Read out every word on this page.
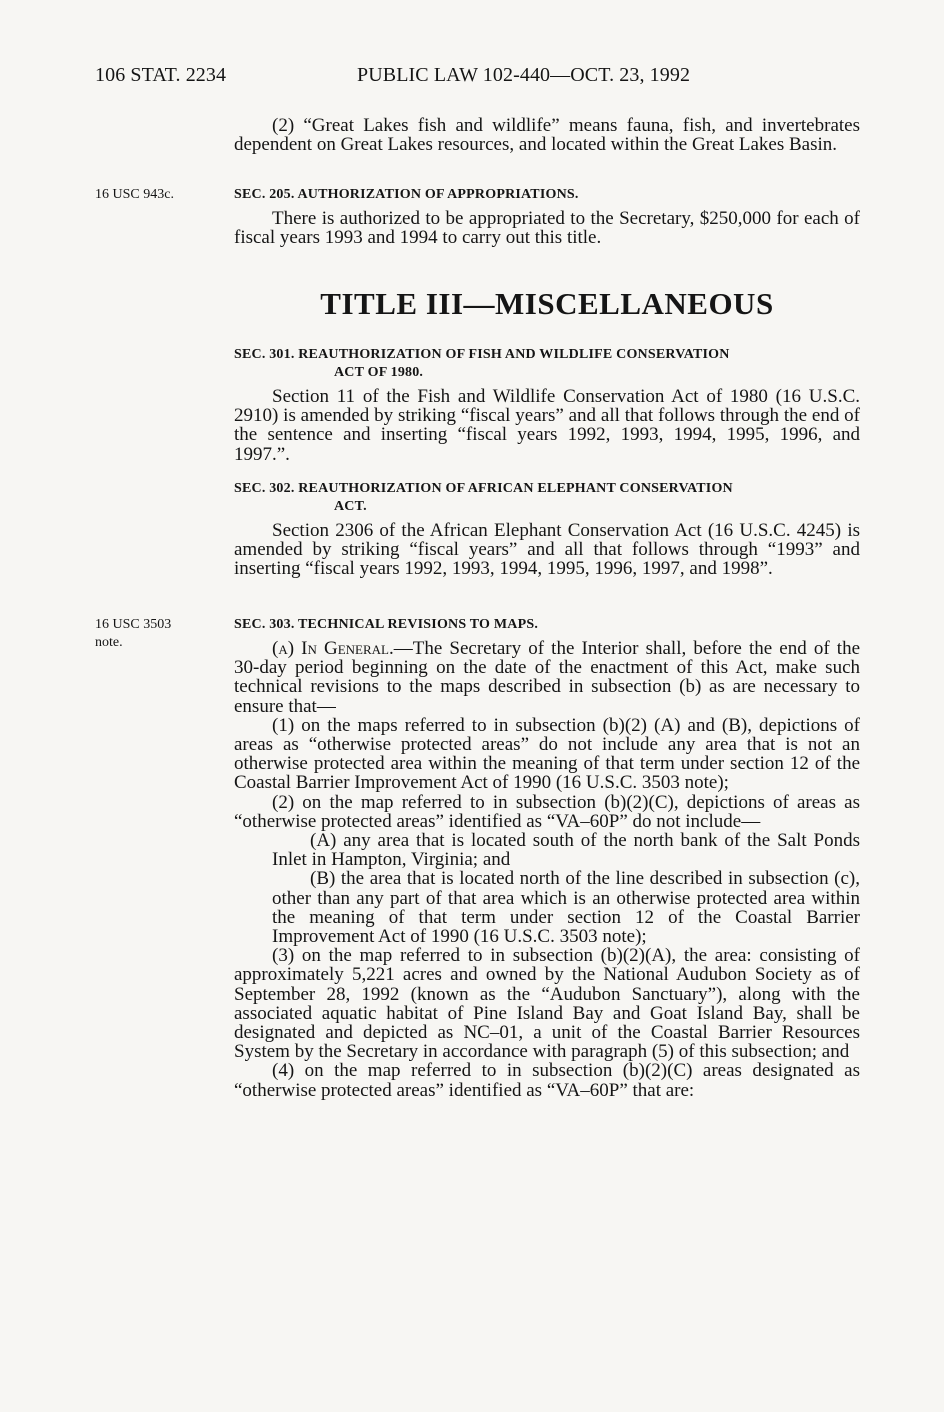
106 STAT. 2234	PUBLIC LAW 102-440—OCT. 23, 1992

(2) “Great Lakes fish and wildlife” means fauna, fish, and invertebrates dependent on Great Lakes resources, and located within the Great Lakes Basin.

16 USC 943c.	SEC. 205. AUTHORIZATION OF APPROPRIATIONS.

There is authorized to be appropriated to the Secretary, $250,000 for each of fiscal years 1993 and 1994 to carry out this title.

TITLE III—MISCELLANEOUS

SEC. 301. REAUTHORIZATION OF FISH AND WILDLIFE CONSERVATION
ACT OF 1980.

Section 11 of the Fish and Wildlife Conservation Act of 1980 (16 U.S.C. 2910) is amended by striking “fiscal years” and all that follows through the end of the sentence and inserting “fiscal years 1992, 1993, 1994, 1995, 1996, and 1997.”.

SEC. 302. REAUTHORIZATION OF AFRICAN ELEPHANT CONSERVATION
ACT.

Section 2306 of the African Elephant Conservation Act (16 U.S.C. 4245) is amended by striking “fiscal years” and all that follows through “1993” and inserting “fiscal years 1992, 1993, 1994, 1995, 1996, 1997, and 1998”.

16 USC 3503
note.

SEC. 303. TECHNICAL REVISIONS TO MAPS.

(a) In General.—The Secretary of the Interior shall, before the end of the 30-day period beginning on the date of the enactment of this Act, make such technical revisions to the maps described in subsection (b) as are necessary to ensure that—

(1) on the maps referred to in subsection (b)(2) (A) and (B), depictions of areas as “otherwise protected areas” do not include any area that is not an otherwise protected area within the meaning of that term under section 12 of the Coastal Barrier Improvement Act of 1990 (16 U.S.C. 3503 note);

(2) on the map referred to in subsection (b)(2)(C), depictions of areas as “otherwise protected areas” identified as “VA–60P” do not include—

(A) any area that is located south of the north bank of the Salt Ponds Inlet in Hampton, Virginia; and

(B) the area that is located north of the line described in subsection (c), other than any part of that area which is an otherwise protected area within the meaning of that term under section 12 of the Coastal Barrier Improvement Act of 1990 (16 U.S.C. 3503 note);

(3) on the map referred to in subsection (b)(2)(A), the area: consisting of approximately 5,221 acres and owned by the National Audubon Society as of September 28, 1992 (known as the “Audubon Sanctuary”), along with the associated aquatic habitat of Pine Island Bay and Goat Island Bay, shall be designated and depicted as NC–01, a unit of the Coastal Barrier Resources System by the Secretary in accordance with paragraph (5) of this subsection; and

(4) on the map referred to in subsection (b)(2)(C) areas designated as “otherwise protected areas” identified as “VA–60P” that are:
